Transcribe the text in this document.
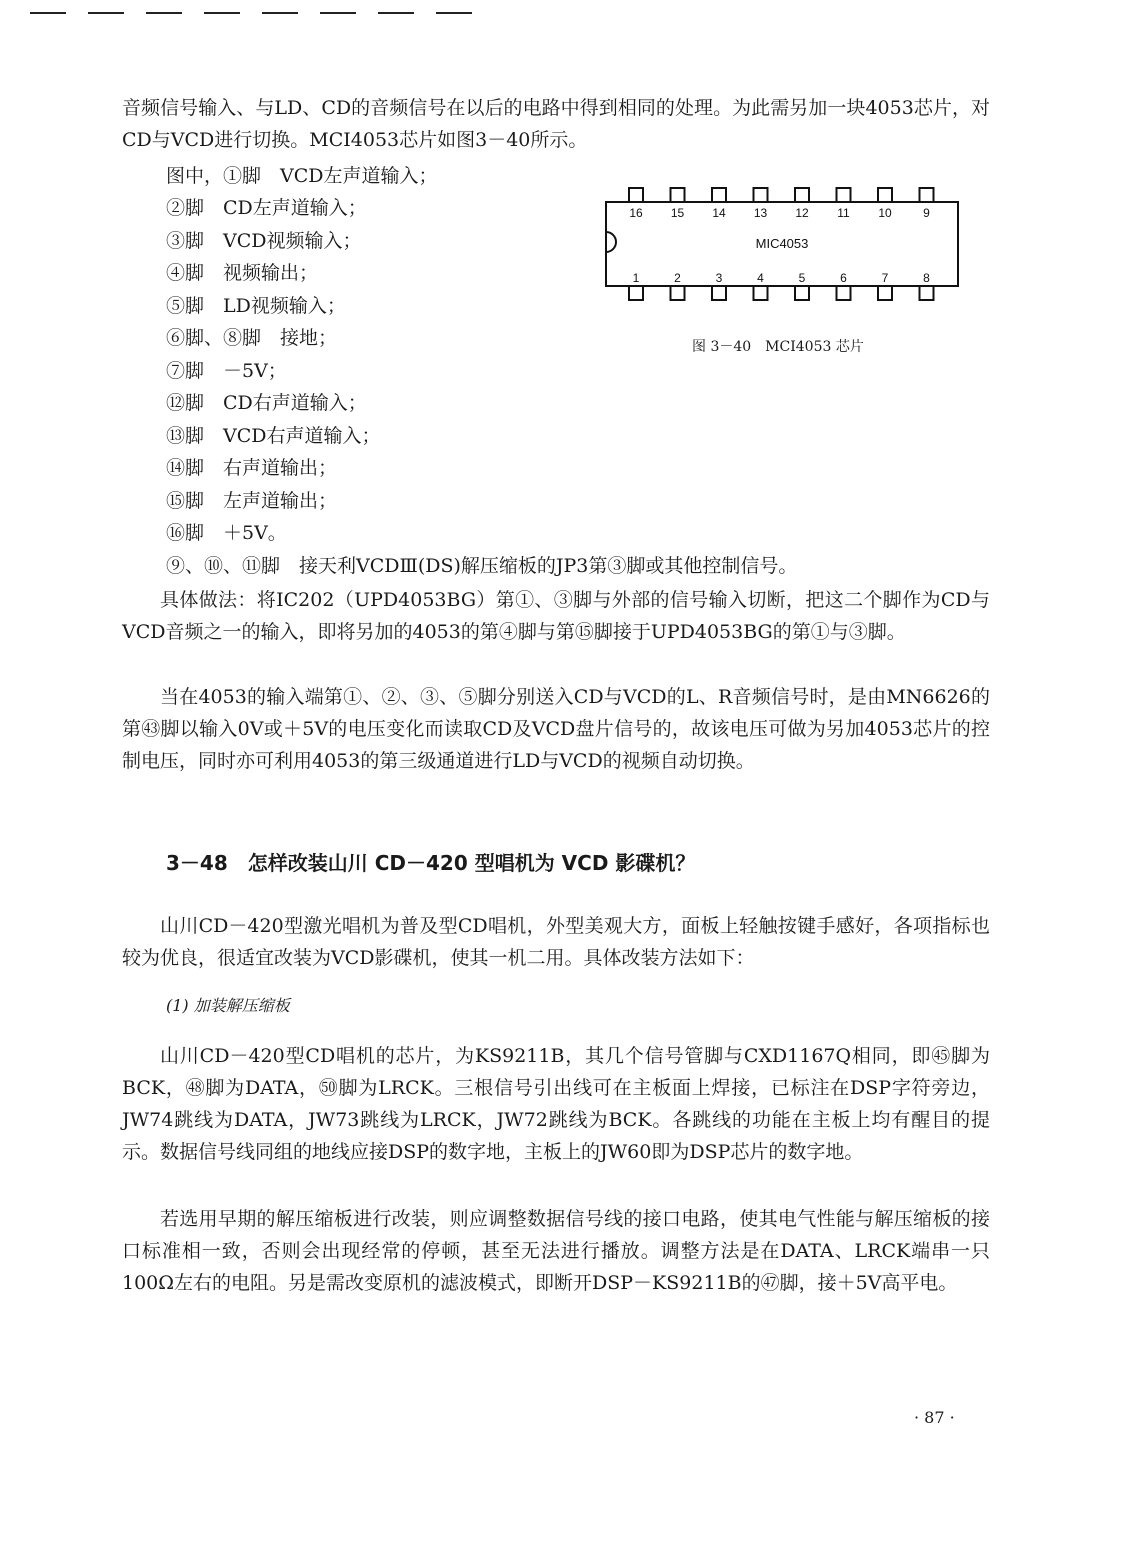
音频信号输入、与LD、CD的音频信号在以后的电路中得到相同的处理。为此需另加一块4053芯片，对CD与VCD进行切换。MCI4053芯片如图3－40所示。

图中，①脚　VCD左声道输入；

②脚　CD左声道输入；

③脚　VCD视频输入；

④脚　视频输出；

⑤脚　LD视频输入；

⑥脚、⑧脚　接地；

⑦脚　－5V；

⑫脚　CD右声道输入；

⑬脚　VCD右声道输入；

⑭脚　右声道输出；

⑮脚　左声道输出；

⑯脚　＋5V。

⑨、⑩、⑪脚　接天利VCDⅢ(DS)解压缩板的JP3第③脚或其他控制信号。

16 15 14 13 12 11 10	9
1	2	3	4	5	6	7	8
MIC4053

图 3－40　MCI4053 芯片

具体做法：将IC202（UPD4053BG）第①、③脚与外部的信号输入切断，把这二个脚作为CD与VCD音频之一的输入，即将另加的4053的第④脚与第⑮脚接于UPD4053BG的第①与③脚。

当在4053的输入端第①、②、③、⑤脚分别送入CD与VCD的L、R音频信号时，是由MN6626的第㊸脚以输入0V或＋5V的电压变化而读取CD及VCD盘片信号的，故该电压可做为另加4053芯片的控制电压，同时亦可利用4053的第三级通道进行LD与VCD的视频自动切换。

3－48　怎样改装山川 CD－420 型唱机为 VCD 影碟机？

山川CD－420型激光唱机为普及型CD唱机，外型美观大方，面板上轻触按键手感好，各项指标也较为优良，很适宜改装为VCD影碟机，使其一机二用。具体改装方法如下：

(1) 加装解压缩板

山川CD－420型CD唱机的芯片，为KS9211B，其几个信号管脚与CXD1167Q相同，即㊺脚为BCK，㊽脚为DATA，㊿脚为LRCK。三根信号引出线可在主板面上焊接，已标注在DSP字符旁边，JW74跳线为DATA，JW73跳线为LRCK，JW72跳线为BCK。各跳线的功能在主板上均有醒目的提示。数据信号线同组的地线应接DSP的数字地，主板上的JW60即为DSP芯片的数字地。

若选用早期的解压缩板进行改装，则应调整数据信号线的接口电路，使其电气性能与解压缩板的接口标准相一致，否则会出现经常的停顿，甚至无法进行播放。调整方法是在DATA、LRCK端串一只100Ω左右的电阻。另是需改变原机的滤波模式，即断开DSP－KS9211B的㊼脚，接＋5V高平电。

· 87 ·
